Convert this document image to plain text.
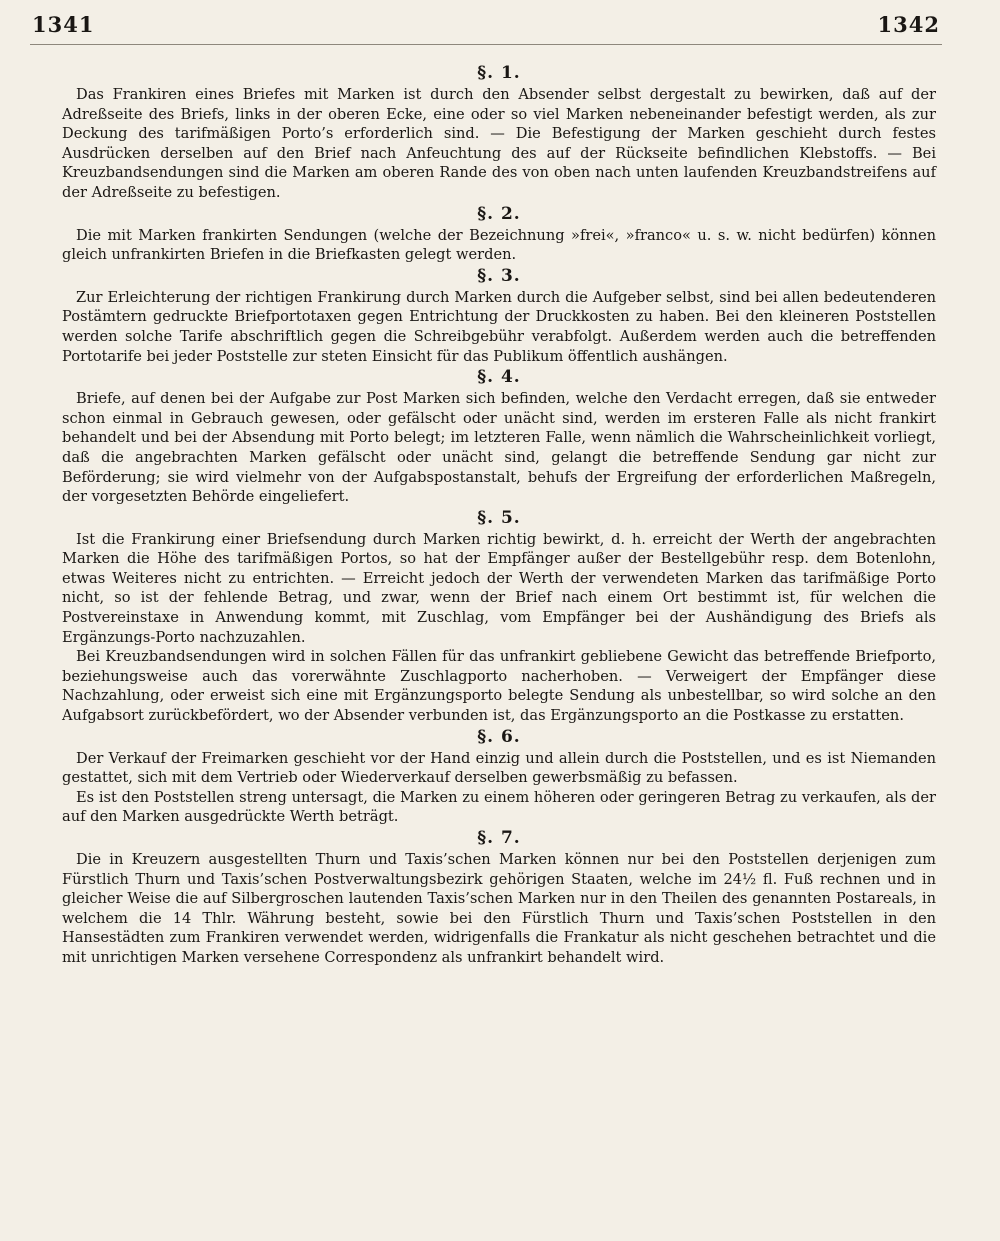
1341	1342
§. 1.

Das Frankiren eines Briefes mit Marken ist durch den Absender selbst dergestalt zu bewirken, daß auf der Adreßseite des Briefs, links in der oberen Ecke, eine oder so viel Marken nebeneinander befestigt werden, als zur Deckung des tarifmäßigen Porto’s erforderlich sind. — Die Befestigung der Marken geschieht durch festes Ausdrücken derselben auf den Brief nach Anfeuchtung des auf der Rückseite befindlichen Klebstoffs. — Bei Kreuzbandsendungen sind die Marken am oberen Rande des von oben nach unten laufenden Kreuzbandstreifens auf der Adreßseite zu befestigen.

§. 2.

Die mit Marken frankirten Sendungen (welche der Bezeichnung »frei«, »franco« u. s. w. nicht bedürfen) können gleich unfrankirten Briefen in die Briefkasten gelegt werden.

§. 3.

Zur Erleichterung der richtigen Frankirung durch Marken durch die Aufgeber selbst, sind bei allen bedeutenderen Postämtern gedruckte Briefportotaxen gegen Entrichtung der Druckkosten zu haben. Bei den kleineren Poststellen werden solche Tarife abschriftlich gegen die Schreibgebühr verabfolgt. Außerdem werden auch die betreffenden Portotarife bei jeder Poststelle zur steten Einsicht für das Publikum öffentlich aushängen.

§. 4.

Briefe, auf denen bei der Aufgabe zur Post Marken sich befinden, welche den Verdacht erregen, daß sie entweder schon einmal in Gebrauch gewesen, oder gefälscht oder unächt sind, werden im ersteren Falle als nicht frankirt behandelt und bei der Absendung mit Porto belegt; im letzteren Falle, wenn nämlich die Wahrscheinlichkeit vorliegt, daß die angebrachten Marken gefälscht oder unächt sind, gelangt die betreffende Sendung gar nicht zur Beförderung; sie wird vielmehr von der Aufgabspostanstalt, behufs der Ergreifung der erforderlichen Maßregeln, der vorgesetzten Behörde eingeliefert.

§. 5.

Ist die Frankirung einer Briefsendung durch Marken richtig bewirkt, d. h. erreicht der Werth der angebrachten Marken die Höhe des tarifmäßigen Portos, so hat der Empfänger außer der Bestellgebühr resp. dem Botenlohn, etwas Weiteres nicht zu entrichten. — Erreicht jedoch der Werth der verwendeten Marken das tarifmäßige Porto nicht, so ist der fehlende Betrag, und zwar, wenn der Brief nach einem Ort bestimmt ist, für welchen die Postvereinstaxe in Anwendung kommt, mit Zuschlag, vom Empfänger bei der Aushändigung des Briefs als Ergänzungs-Porto nachzuzahlen.

Bei Kreuzbandsendungen wird in solchen Fällen für das unfrankirt gebliebene Gewicht das betreffende Briefporto, beziehungsweise auch das vorerwähnte Zuschlagporto nacherhoben. — Verweigert der Empfänger diese Nachzahlung, oder erweist sich eine mit Ergänzungsporto belegte Sendung als unbestellbar, so wird solche an den Aufgabsort zurückbefördert, wo der Absender verbunden ist, das Ergänzungsporto an die Postkasse zu erstatten.

§. 6.

Der Verkauf der Freimarken geschieht vor der Hand einzig und allein durch die Poststellen, und es ist Niemanden gestattet, sich mit dem Vertrieb oder Wiederverkauf derselben gewerbsmäßig zu befassen.

Es ist den Poststellen streng untersagt, die Marken zu einem höheren oder geringeren Betrag zu verkaufen, als der auf den Marken ausgedrückte Werth beträgt.

§. 7.

Die in Kreuzern ausgestellten Thurn und Taxis’schen Marken können nur bei den Poststellen derjenigen zum Fürstlich Thurn und Taxis’schen Postverwaltungsbezirk gehörigen Staaten, welche im 24½ fl. Fuß rechnen und in gleicher Weise die auf Silbergroschen lautenden Taxis’schen Marken nur in den Theilen des genannten Postareals, in welchem die 14 Thlr. Währung besteht, sowie bei den Fürstlich Thurn und Taxis’schen Poststellen in den Hansestädten zum Frankiren verwendet werden, widrigenfalls die Frankatur als nicht geschehen betrachtet und die mit unrichtigen Marken versehene Correspondenz als unfrankirt behandelt wird.
